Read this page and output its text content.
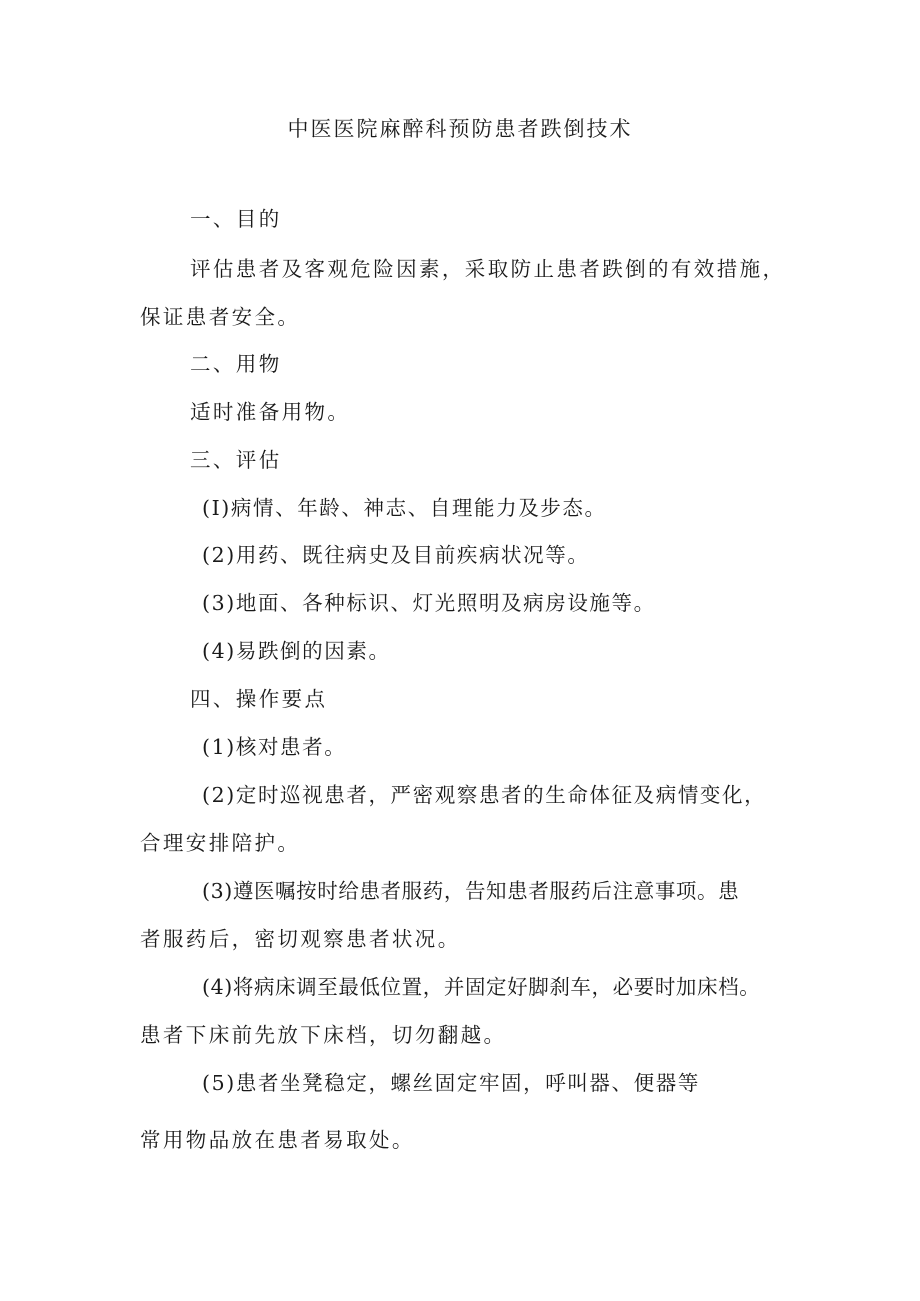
中医医院麻醉科预防患者跌倒技术
一、目的
评估患者及客观危险因素，采取防止患者跌倒的有效措施，
保证患者安全。
二、用物
适时准备用物。
三、评估
(I)病情、年龄、神志、自理能力及步态。
(2)用药、既往病史及目前疾病状况等。
(3)地面、各种标识、灯光照明及病房设施等。
(4)易跌倒的因素。
四、操作要点
(1)核对患者。
(2)定时巡视患者，严密观察患者的生命体征及病情变化，
合理安排陪护。
(3)遵医嘱按时给患者服药，告知患者服药后注意事项。患
者服药后，密切观察患者状况。
(4)将病床调至最低位置，并固定好脚刹车，必要时加床档。
患者下床前先放下床档，切勿翻越。
(5)患者坐凳稳定，螺丝固定牢固，呼叫器、便器等
常用物品放在患者易取处。
